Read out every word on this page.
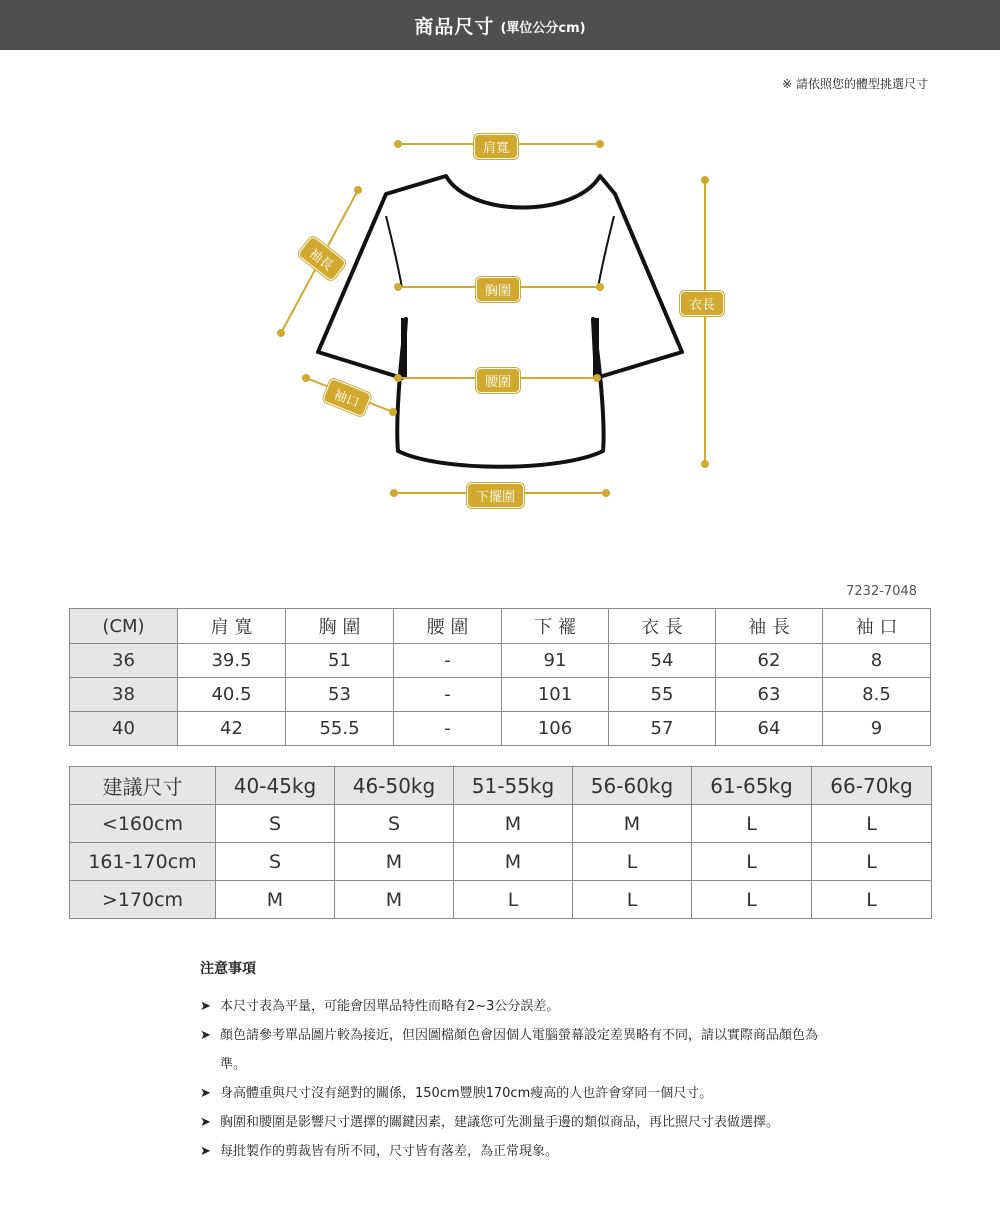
商品尺寸 (單位公分cm)
※ 請依照您的體型挑選尺寸
肩寬
袖長
胸圍
衣長
腰圍
袖口
下擺圍
7232-7048
(CM)	肩 寬	胸 圍	腰 圍	下 襬	衣 長	袖 長	袖 口
36	39.5	51	-	91	54	62	8
38	40.5	53	-	101	55	63	8.5
40	42	55.5	-	106	57	64	9
建議尺寸	40-45kg	46-50kg	51-55kg	56-60kg	61-65kg	66-70kg
<160cm	S	S	M	M	L	L
161-170cm	S	M	M	L	L	L
>170cm	M	M	L	L	L	L
注意事項
➤ 本尺寸表為平量，可能會因單品特性而略有2~3公分誤差。
➤ 顏色請參考單品圖片較為接近，但因圖檔顏色會因個人電腦螢幕設定差異略有不同，請以實際商品顏色為準。
➤ 身高體重與尺寸沒有絕對的關係，150cm豐腴170cm瘦高的人也許會穿同一個尺寸。
➤ 胸圍和腰圍是影響尺寸選擇的關鍵因素，建議您可先測量手邊的類似商品，再比照尺寸表做選擇。
➤ 每批製作的剪裁皆有所不同，尺寸皆有落差，為正常現象。
